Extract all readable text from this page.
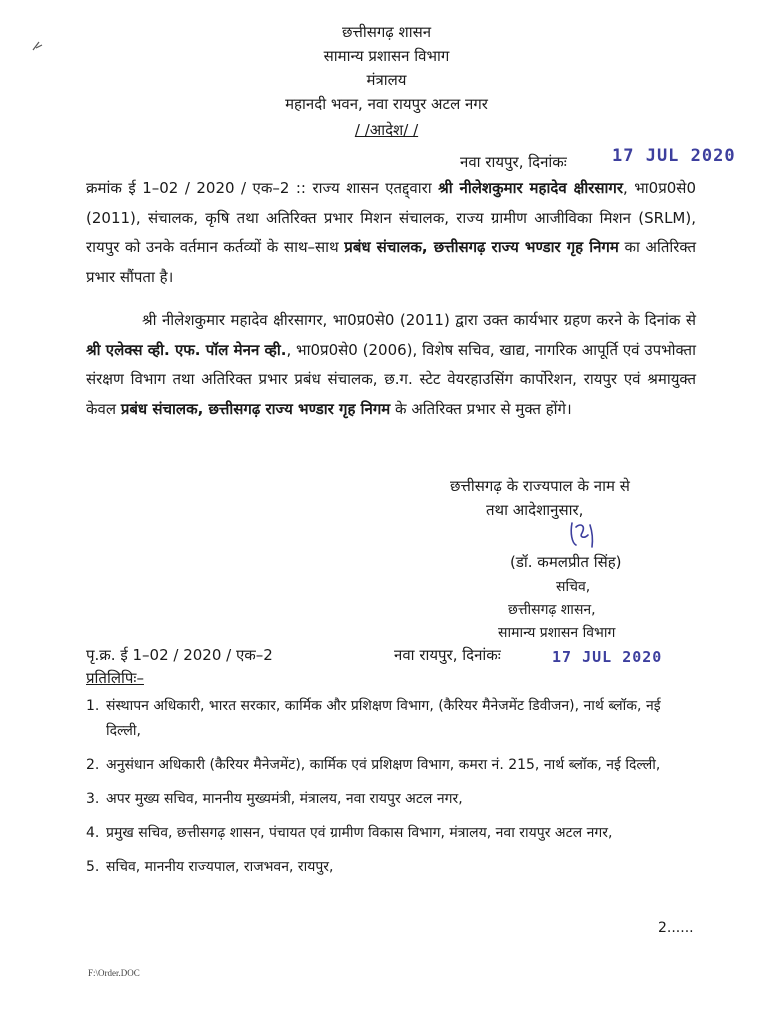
छत्तीसगढ़ शासन
सामान्य प्रशासन विभाग
मंत्रालय
महानदी भवन, नवा रायपुर अटल नगर
/ /आदेश/ /
नवा रायपुर, दिनांकः	17 JUL 2020
क्रमांक ई 1–02 / 2020 / एक–2 :: राज्य शासन एतद्द्वारा श्री नीलेशकुमार महादेव क्षीरसागर, भा0प्र0से0 (2011), संचालक, कृषि तथा अतिरिक्त प्रभार मिशन संचालक, राज्य ग्रामीण आजीविका मिशन (SRLM), रायपुर को उनके वर्तमान कर्तव्यों के साथ–साथ प्रबंध संचालक, छत्तीसगढ़ राज्य भण्डार गृह निगम का अतिरिक्त प्रभार सौंपता है।
श्री नीलेशकुमार महादेव क्षीरसागर, भा0प्र0से0 (2011) द्वारा उक्त कार्यभार ग्रहण करने के दिनांक से श्री एलेक्स व्ही. एफ. पॉल मेनन व्ही., भा0प्र0से0 (2006), विशेष सचिव, खाद्य, नागरिक आपूर्ति एवं उपभोक्ता संरक्षण विभाग तथा अतिरिक्त प्रभार प्रबंध संचालक, छ.ग. स्टेट वेयरहाउसिंग कार्पोरेशन, रायपुर एवं श्रमायुक्त केवल प्रबंध संचालक, छत्तीसगढ़ राज्य भण्डार गृह निगम के अतिरिक्त प्रभार से मुक्त होंगे।
छत्तीसगढ़ के राज्यपाल के नाम से
तथा आदेशानुसार,
(डॉ. कमलप्रीत सिंह)
सचिव,
छत्तीसगढ़ शासन,
सामान्य प्रशासन विभाग
पृ.क्र. ई 1–02 / 2020 / एक–2	नवा रायपुर, दिनांकः	17 JUL 2020
प्रतिलिपिः–
1. संस्थापन अधिकारी, भारत सरकार, कार्मिक और प्रशिक्षण विभाग, (कैरियर मैनेजमेंट डिवीजन), नार्थ ब्लॉक, नई दिल्ली,
2. अनुसंधान अधिकारी (कैरियर मैनेजमेंट), कार्मिक एवं प्रशिक्षण विभाग, कमरा नं. 215, नार्थ ब्लॉक, नई दिल्ली,
3. अपर मुख्य सचिव, माननीय मुख्यमंत्री, मंत्रालय, नवा रायपुर अटल नगर,
4. प्रमुख सचिव, छत्तीसगढ़ शासन, पंचायत एवं ग्रामीण विकास विभाग, मंत्रालय, नवा रायपुर अटल नगर,
5. सचिव, माननीय राज्यपाल, राजभवन, रायपुर,
2......
F:\Order.DOC
